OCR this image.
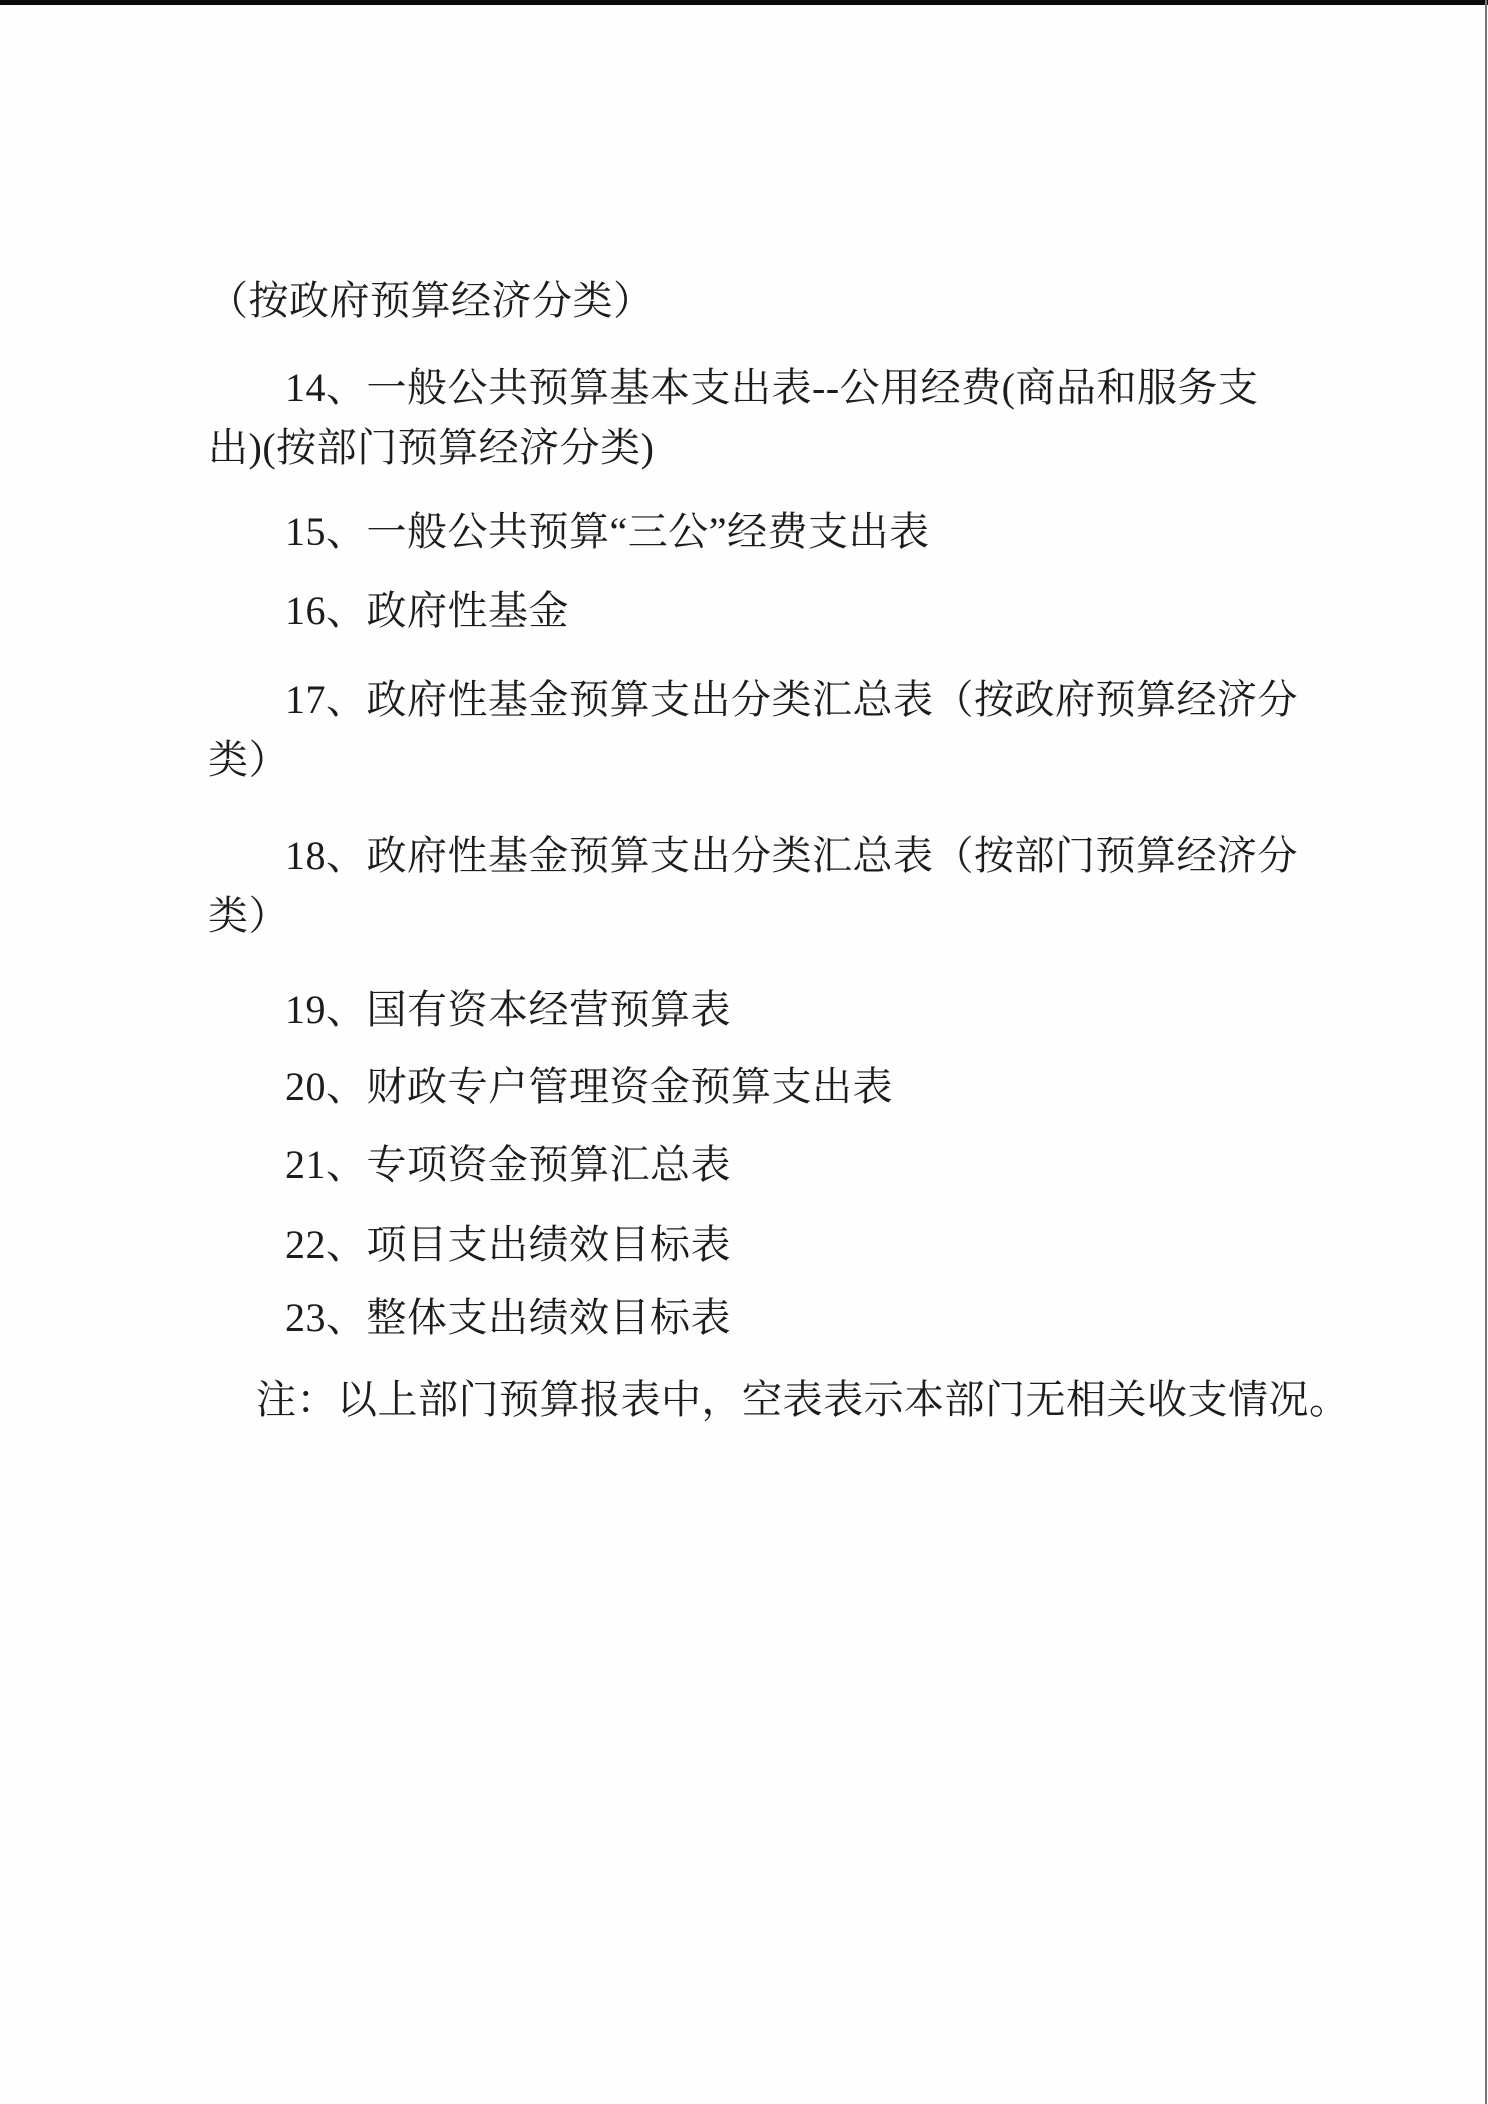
（按政府预算经济分类）

14、一般公共预算基本支出表--公用经费(商品和服务支
出)(按部门预算经济分类)

15、一般公共预算“三公”经费支出表

16、政府性基金

17、政府性基金预算支出分类汇总表（按政府预算经济分
类）

18、政府性基金预算支出分类汇总表（按部门预算经济分
类）

19、国有资本经营预算表

20、财政专户管理资金预算支出表

21、专项资金预算汇总表

22、项目支出绩效目标表

23、整体支出绩效目标表

注：以上部门预算报表中，空表表示本部门无相关收支情况。
